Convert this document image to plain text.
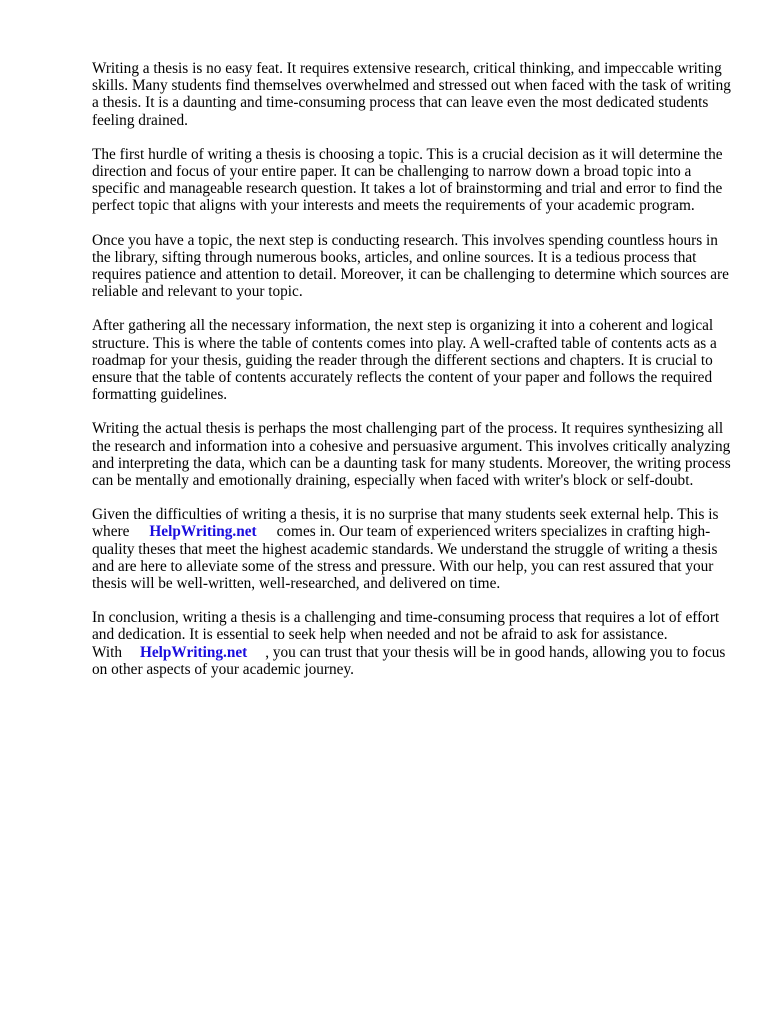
Writing a thesis is no easy feat. It requires extensive research, critical thinking, and impeccable writing skills. Many students find themselves overwhelmed and stressed out when faced with the task of writing a thesis. It is a daunting and time-consuming process that can leave even the most dedicated students feeling drained.

The first hurdle of writing a thesis is choosing a topic. This is a crucial decision as it will determine the direction and focus of your entire paper. It can be challenging to narrow down a broad topic into a specific and manageable research question. It takes a lot of brainstorming and trial and error to find the perfect topic that aligns with your interests and meets the requirements of your academic program.

Once you have a topic, the next step is conducting research. This involves spending countless hours in the library, sifting through numerous books, articles, and online sources. It is a tedious process that requires patience and attention to detail. Moreover, it can be challenging to determine which sources are reliable and relevant to your topic.

After gathering all the necessary information, the next step is organizing it into a coherent and logical structure. This is where the table of contents comes into play. A well-crafted table of contents acts as a roadmap for your thesis, guiding the reader through the different sections and chapters. It is crucial to ensure that the table of contents accurately reflects the content of your paper and follows the required formatting guidelines.

Writing the actual thesis is perhaps the most challenging part of the process. It requires synthesizing all the research and information into a cohesive and persuasive argument. This involves critically analyzing and interpreting the data, which can be a daunting task for many students. Moreover, the writing process can be mentally and emotionally draining, especially when faced with writer's block or self-doubt.

Given the difficulties of writing a thesis, it is no surprise that many students seek external help. This is where HelpWriting.net comes in. Our team of experienced writers specializes in crafting high-quality theses that meet the highest academic standards. We understand the struggle of writing a thesis and are here to alleviate some of the stress and pressure. With our help, you can rest assured that your thesis will be well-written, well-researched, and delivered on time.

In conclusion, writing a thesis is a challenging and time-consuming process that requires a lot of effort and dedication. It is essential to seek help when needed and not be afraid to ask for assistance. With HelpWriting.net , you can trust that your thesis will be in good hands, allowing you to focus on other aspects of your academic journey.
